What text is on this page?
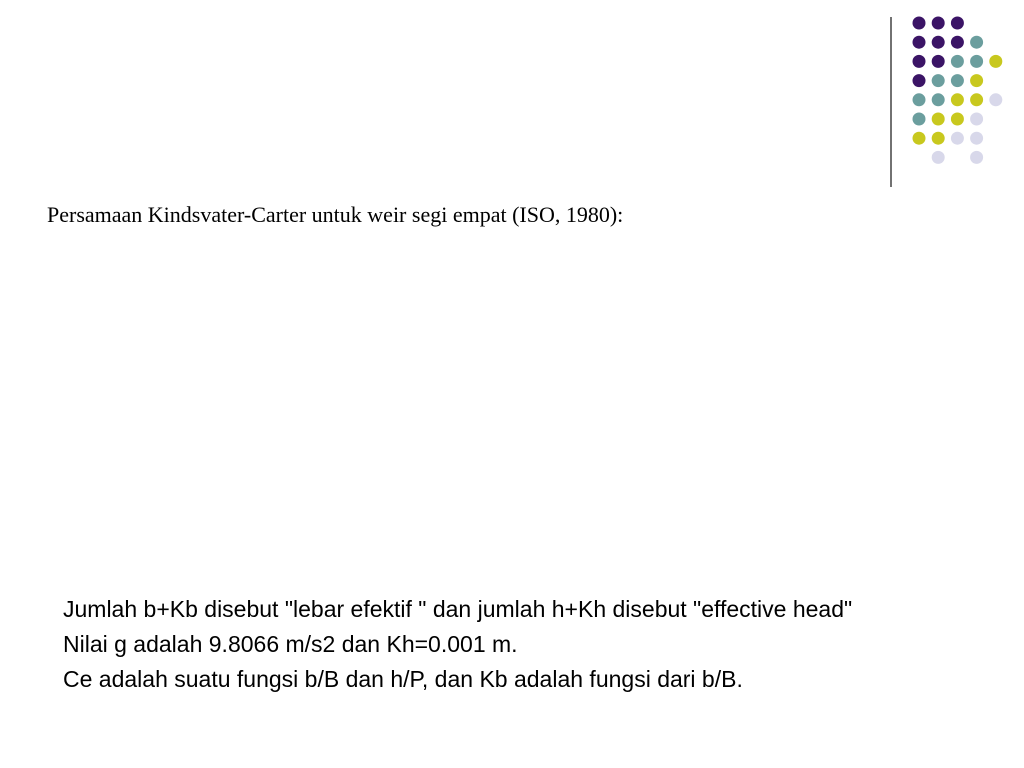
Persamaan Kindsvater-Carter untuk weir segi empat (ISO, 1980):
Jumlah b+Kb disebut "lebar efektif " dan jumlah h+Kh disebut "effective head"
Nilai g adalah 9.8066 m/s2 dan Kh=0.001 m.
Ce adalah suatu fungsi b/B dan h/P, dan Kb adalah fungsi dari b/B.
